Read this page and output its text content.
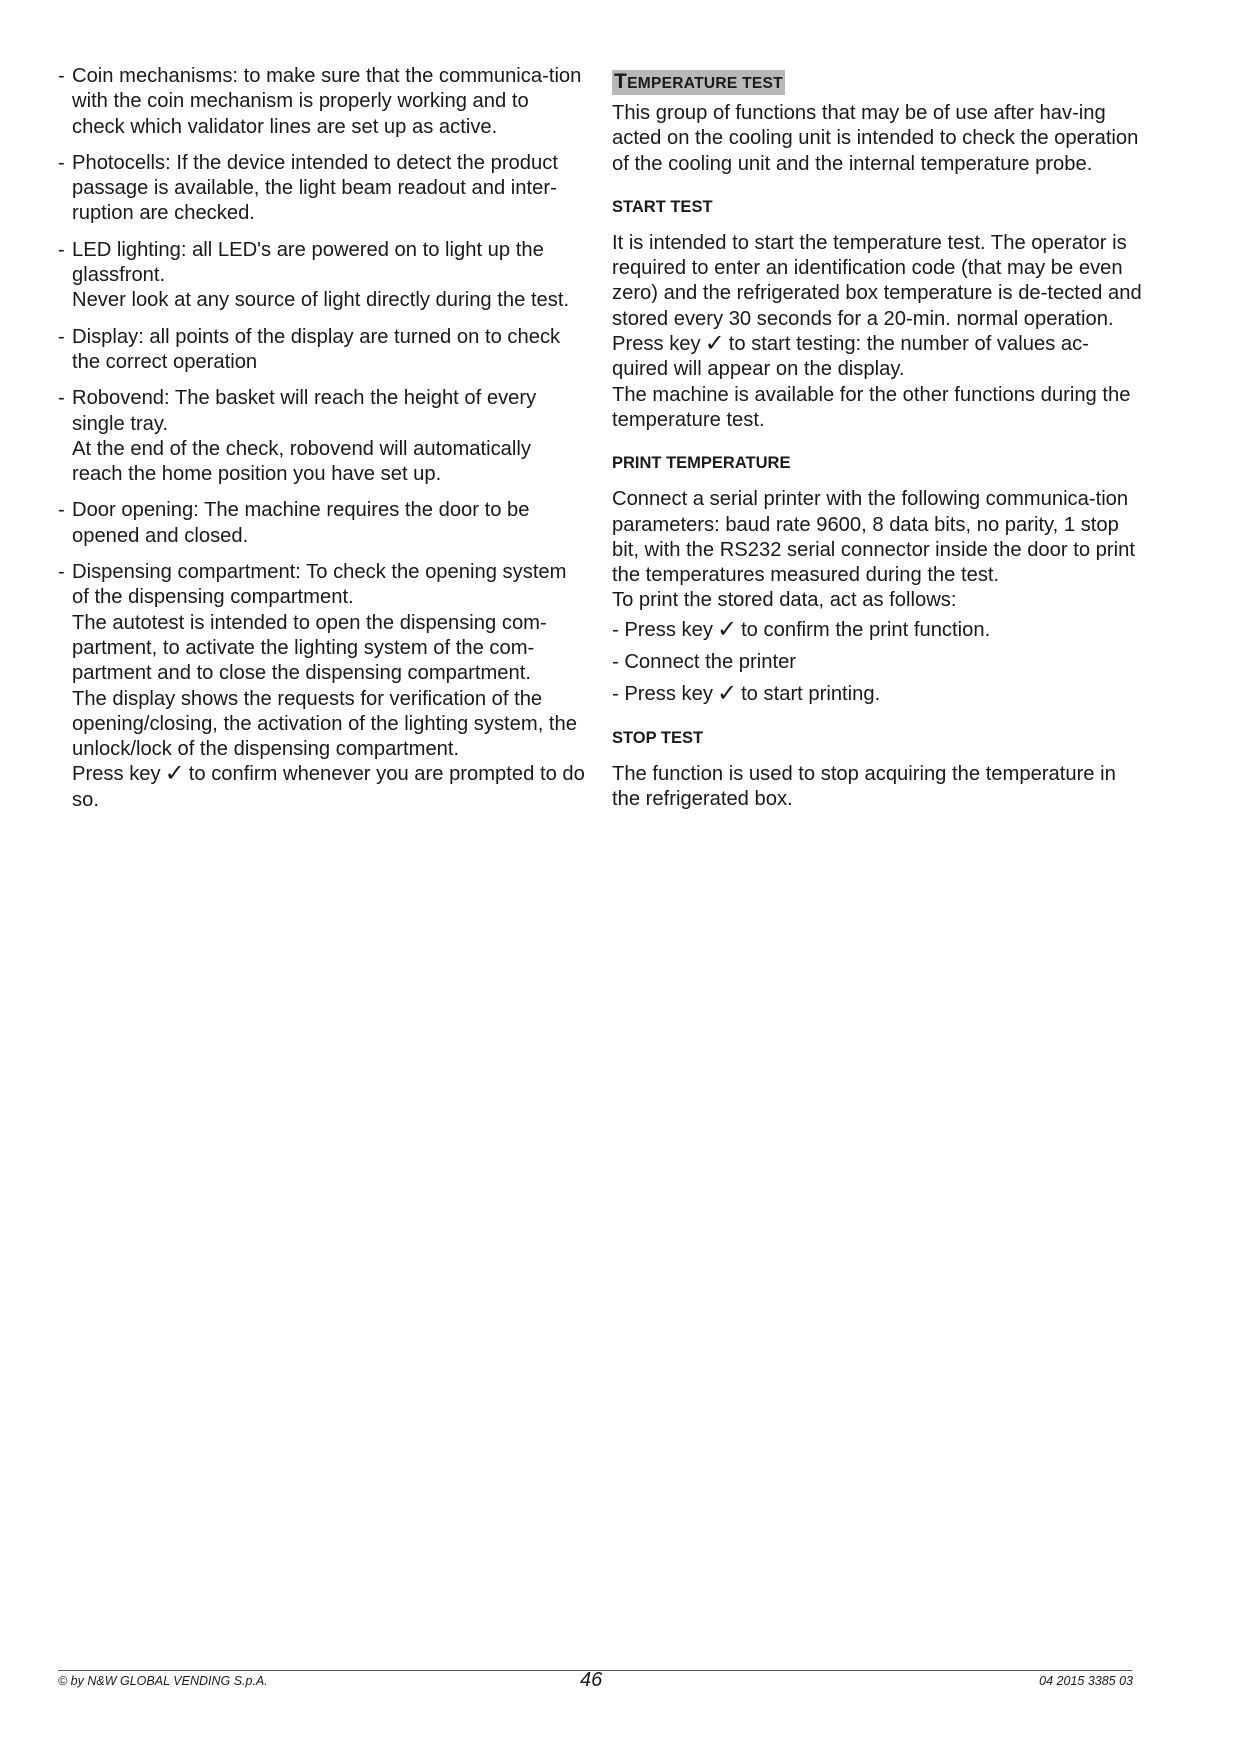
- Coin mechanisms: to make sure that the communica-tion with the coin mechanism is properly working and to check which validator lines are set up as active.

- Photocells: If the device intended to detect the product passage is available, the light beam readout and inter-ruption are checked.

- LED lighting: all LED's are powered on to light up the glassfront.

Never look at any source of light directly during the test.

- Display: all points of the display are turned on to check the correct operation

- Robovend: The basket will reach the height of every single tray.

At the end of the check, robovend will automatically reach the home position you have set up.

- Door opening: The machine requires the door to be opened and closed.

- Dispensing compartment: To check the opening system of the dispensing compartment.

The autotest is intended to open the dispensing com-partment, to activate the lighting system of the com-partment and to close the dispensing compartment.

The display shows the requests for verification of the opening/closing, the activation of the lighting system, the unlock/lock of the dispensing compartment.

Press key ✓ to confirm whenever you are prompted to do so.

TEMPERATURE TEST

This group of functions that may be of use after hav-ing acted on the cooling unit is intended to check the operation of the cooling unit and the internal temperature probe.

START TEST

It is intended to start the temperature test. The operator is required to enter an identification code (that may be even zero) and the refrigerated box temperature is de-tected and stored every 30 seconds for a 20-min. normal operation.

Press key ✓ to start testing: the number of values ac-quired will appear on the display.

The machine is available for the other functions during the temperature test.

PRINT TEMPERATURE

Connect a serial printer with the following communica-tion parameters: baud rate 9600, 8 data bits, no parity, 1 stop bit, with the RS232 serial connector inside the door to print the temperatures measured during the test.

To print the stored data, act as follows:

- Press key ✓ to confirm the print function.

- Connect the printer

- Press key ✓ to start printing.

STOP TEST

The function is used to stop acquiring the temperature in the refrigerated box.

© by N&W GLOBAL VENDING S.p.A.	46	04 2015 3385 03
